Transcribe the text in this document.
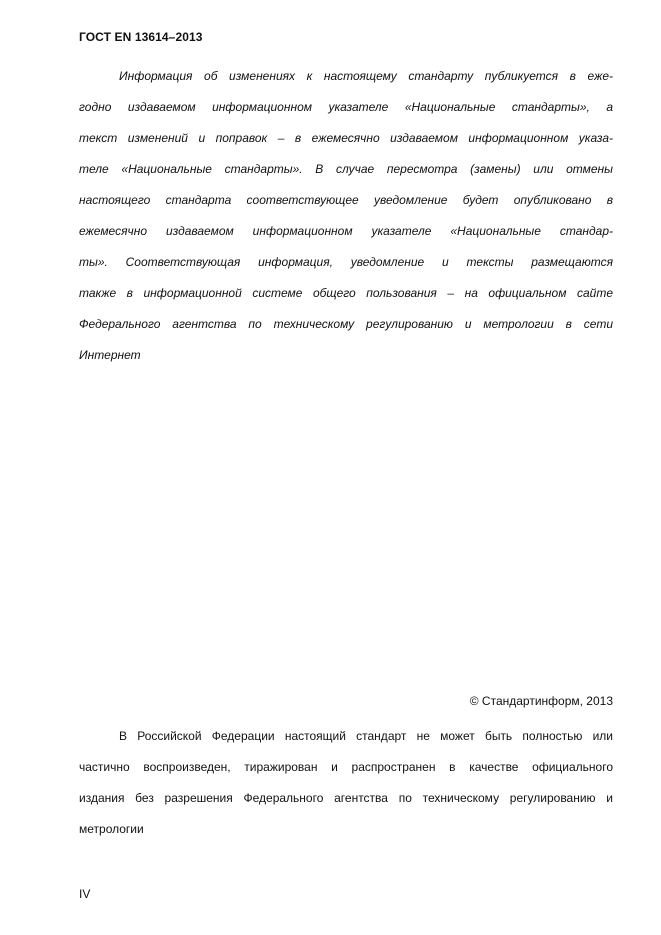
ГОСТ EN 13614–2013
Информация об изменениях к настоящему стандарту публикуется в еже-
годно издаваемом информационном указателе «Национальные стандарты», а
текст изменений и поправок – в ежемесячно издаваемом информационном указа-
теле «Национальные стандарты». В случае пересмотра (замены) или отмены
настоящего стандарта соответствующее уведомление будет опубликовано в
ежемесячно издаваемом информационном указателе «Национальные стандар-
ты». Соответствующая информация, уведомление и тексты размещаются
также в информационной системе общего пользования – на официальном сайте
Федерального агентства по техническому регулированию и метрологии в сети
Интернет
© Стандартинформ, 2013
В Российской Федерации настоящий стандарт не может быть полностью или
частично воспроизведен, тиражирован и распространен в качестве официального
издания без разрешения Федерального агентства по техническому регулированию и
метрологии
IV
